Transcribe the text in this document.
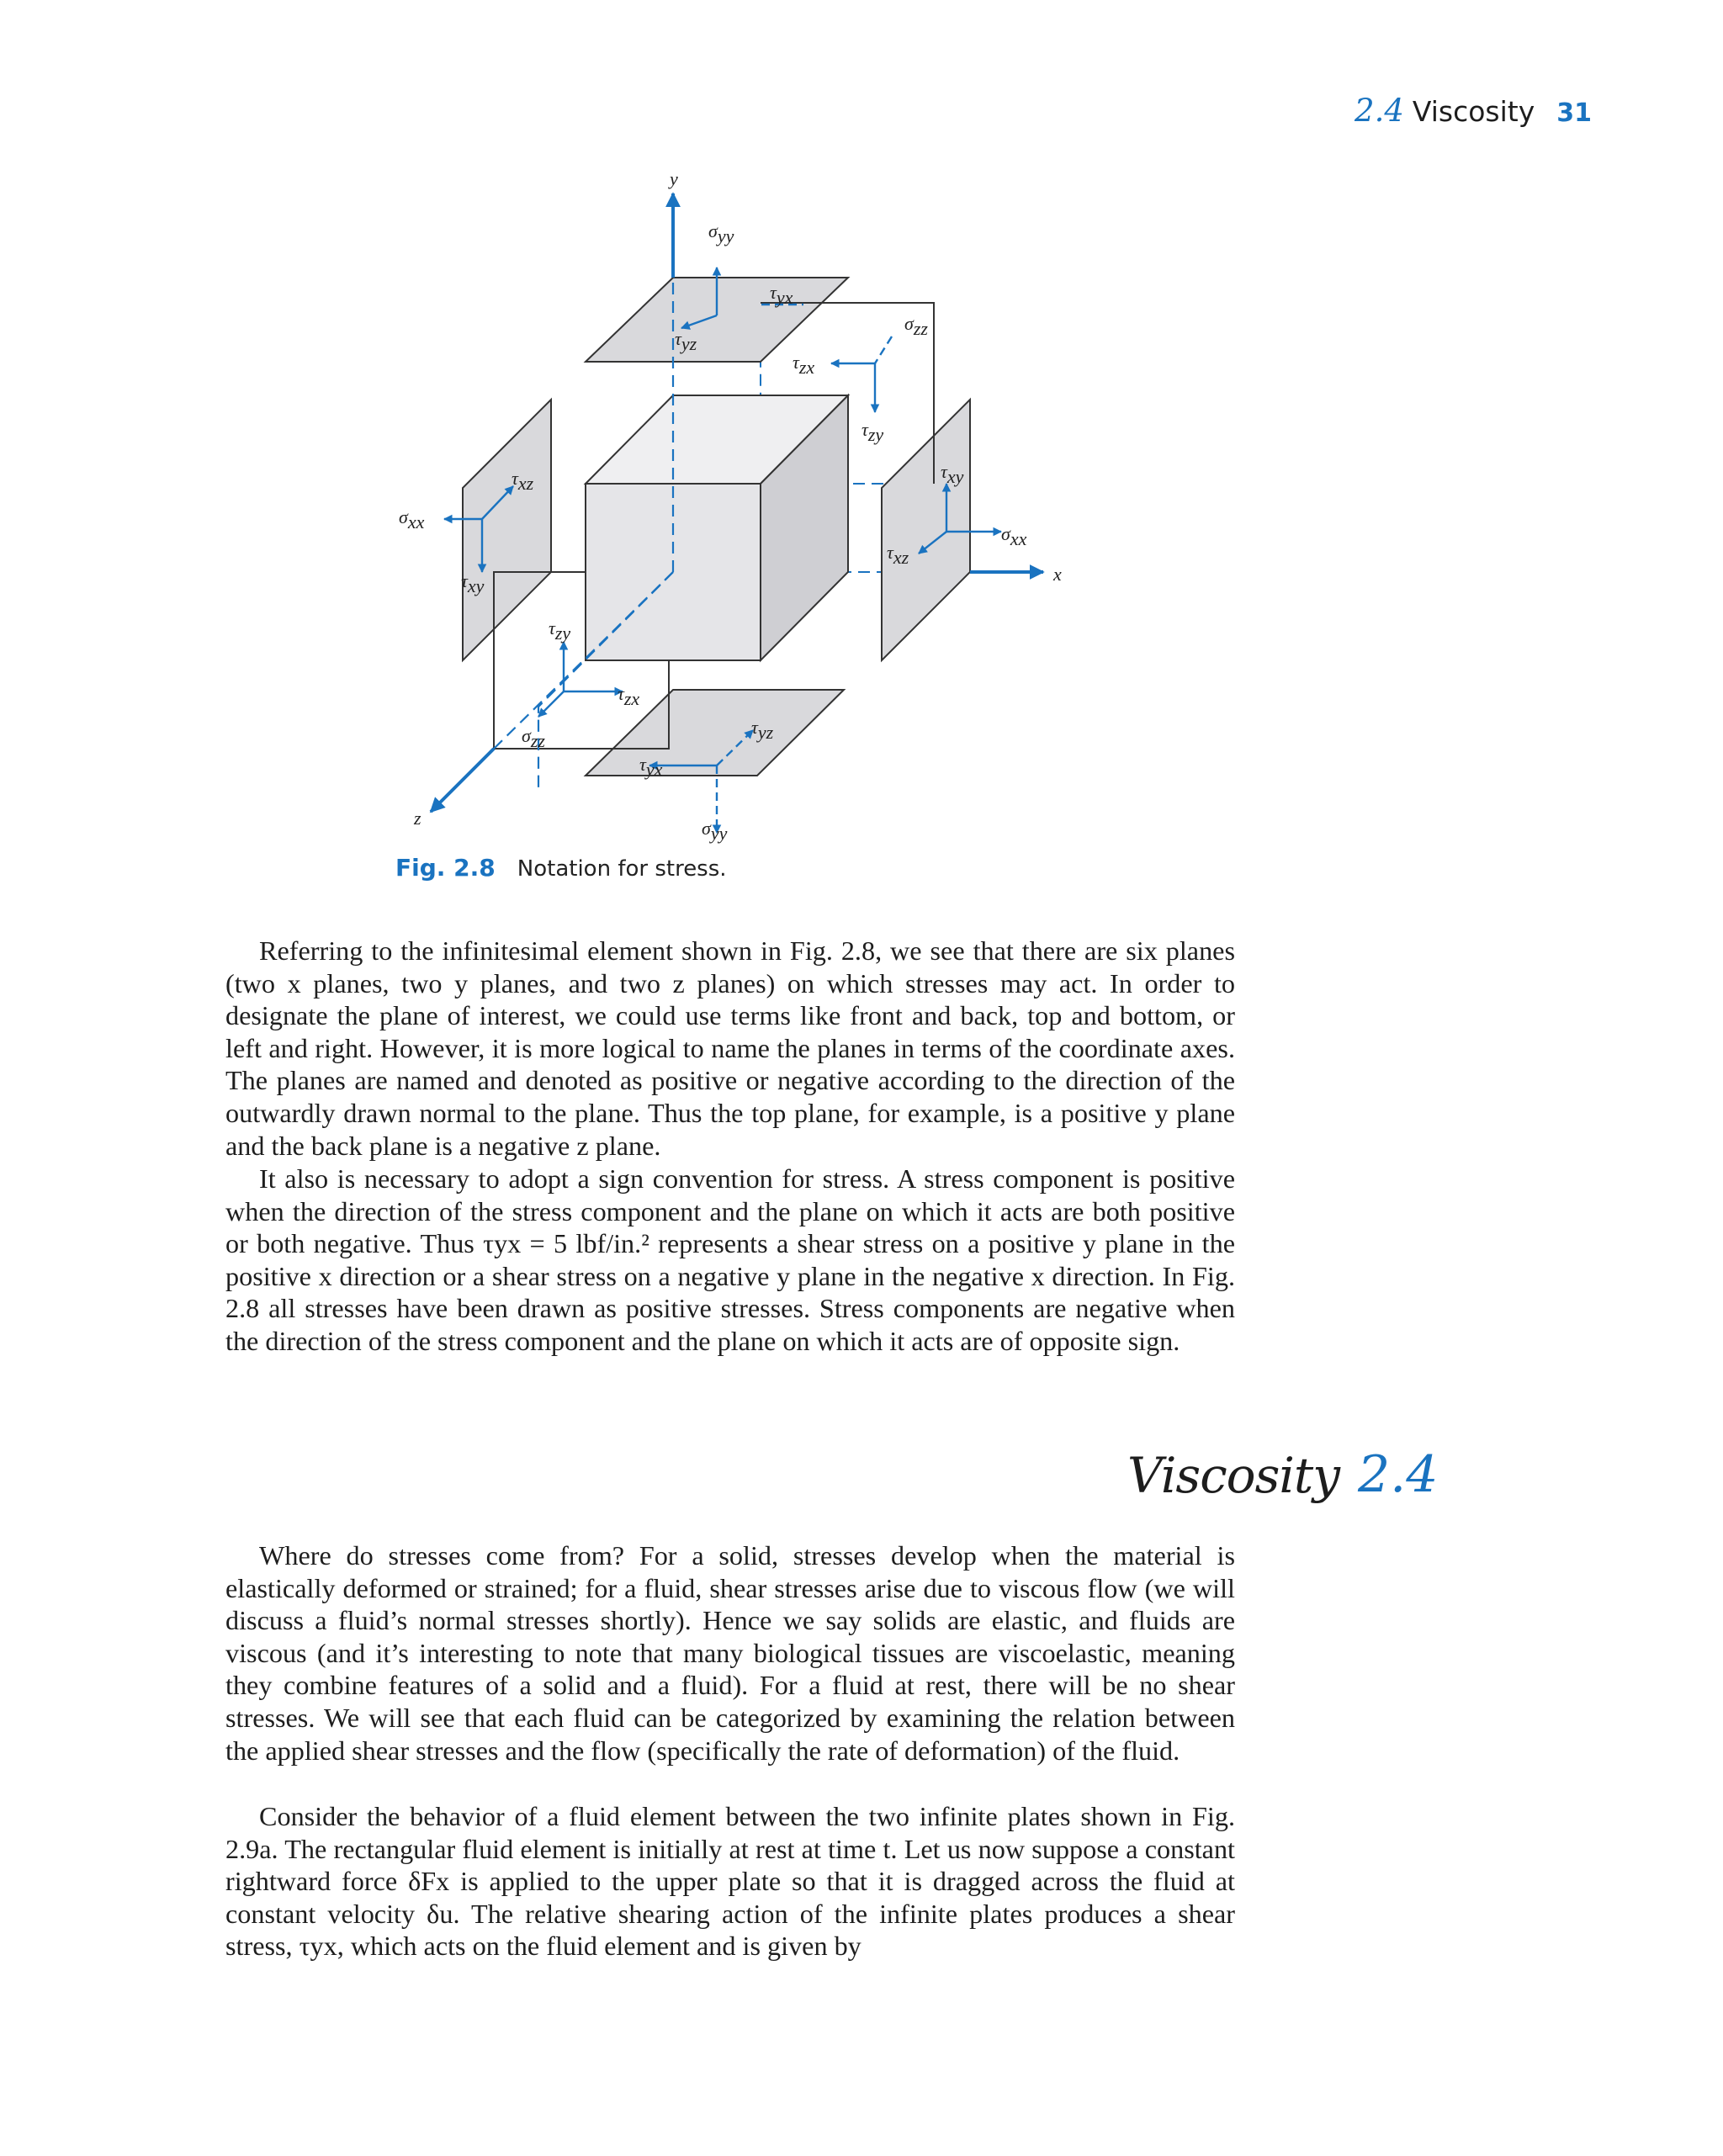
2.4 Viscosity 31
y
x
z
σyy
τyx
τyz
σzz
τzx
τzy
τxz
σxx
τxy
τxy
σxx
τxz
τzy
τzx
σzz
τyz
τyx
σyy
Fig. 2.8 Notation for stress.

Referring to the infinitesimal element shown in Fig. 2.8, we see that there are six planes (two x planes, two y planes, and two z planes) on which stresses may act. In order to designate the plane of interest, we could use terms like front and back, top and bottom, or left and right. However, it is more logical to name the planes in terms of the coordinate axes. The planes are named and denoted as positive or negative according to the direction of the outwardly drawn normal to the plane. Thus the top plane, for example, is a positive y plane and the back plane is a negative z plane.

It also is necessary to adopt a sign convention for stress. A stress component is positive when the direction of the stress component and the plane on which it acts are both positive or both negative. Thus τyx = 5 lbf/in.² represents a shear stress on a positive y plane in the positive x direction or a shear stress on a negative y plane in the negative x direction. In Fig. 2.8 all stresses have been drawn as positive stresses. Stress components are negative when the direction of the stress component and the plane on which it acts are of opposite sign.

Viscosity 2.4

Where do stresses come from? For a solid, stresses develop when the material is elastically deformed or strained; for a fluid, shear stresses arise due to viscous flow (we will discuss a fluid’s normal stresses shortly). Hence we say solids are elastic, and fluids are viscous (and it’s interesting to note that many biological tissues are viscoelastic, meaning they combine features of a solid and a fluid). For a fluid at rest, there will be no shear stresses. We will see that each fluid can be categorized by examining the relation between the applied shear stresses and the flow (specifically the rate of deformation) of the fluid.

Consider the behavior of a fluid element between the two infinite plates shown in Fig. 2.9a. The rectangular fluid element is initially at rest at time t. Let us now suppose a constant rightward force δFx is applied to the upper plate so that it is dragged across the fluid at constant velocity δu. The relative shearing action of the infinite plates produces a shear stress, τyx, which acts on the fluid element and is given by
